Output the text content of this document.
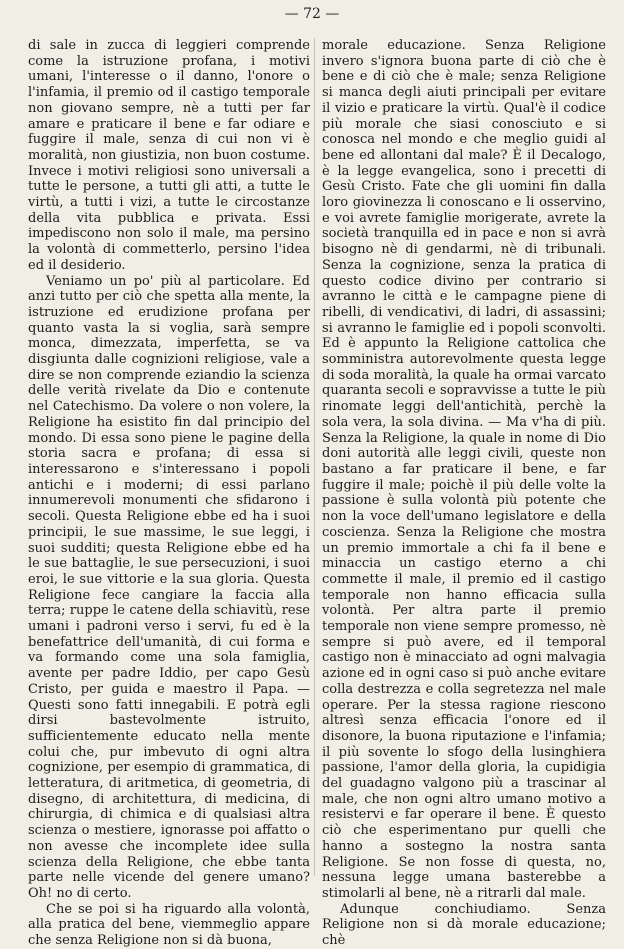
— 72 —

di sale in zucca di leggieri comprende come la istruzione profana, i motivi umani, l'interesse o il danno, l'onore o l'infamia, il premio od il castigo temporale non giovano sempre, nè a tutti per far amare e praticare il bene e far odiare e fuggire il male, senza di cui non vi è moralità, non giustizia, non buon costume. Invece i motivi religiosi sono universali a tutte le persone, a tutti gli atti, a tutte le virtù, a tutti i vizi, a tutte le circostanze della vita pubblica e privata. Essi impediscono non solo il male, ma persino la volontà di commetterlo, persino l'idea ed il desiderio.

Veniamo un po' più al particolare. Ed anzi tutto per ciò che spetta alla mente, la istruzione ed erudizione profana per quanto vasta la si voglia, sarà sempre monca, dimezzata, imperfetta, se va disgiunta dalle cognizioni religiose, vale a dire se non comprende eziandio la scienza delle verità rivelate da Dio e contenute nel Catechismo. Da volere o non volere, la Religione ha esistito fin dal principio del mondo. Di essa sono piene le pagine della storia sacra e profana; di essa si interessarono e s'interessano i popoli antichi e i moderni; di essi parlano innumerevoli monumenti che sfidarono i secoli. Questa Religione ebbe ed ha i suoi principii, le sue massime, le sue leggi, i suoi sudditi; questa Religione ebbe ed ha le sue battaglie, le sue persecuzioni, i suoi eroi, le sue vittorie e la sua gloria. Questa Religione fece cangiare la faccia alla terra; ruppe le catene della schiavitù, rese umani i padroni verso i servi, fu ed è la benefattrice dell'umanità, di cui forma e va formando come una sola famiglia, avente per padre Iddio, per capo Gesù Cristo, per guida e maestro il Papa. — Questi sono fatti innegabili. E potrà egli dirsi bastevolmente istruito, sufficientemente educato nella mente colui che, pur imbevuto di ogni altra cognizione, per esempio di grammatica, di letteratura, di aritmetica, di geometria, di disegno, di architettura, di medicina, di chirurgia, di chimica e di qualsiasi altra scienza o mestiere, ignorasse poi affatto o non avesse che incomplete idee sulla scienza della Religione, che ebbe tanta parte nelle vicende del genere umano? Oh! no di certo.

Che se poi si ha riguardo alla volontà, alla pratica del bene, viemmeglio appare che senza Religione non si dà buona,

morale educazione. Senza Religione invero s'ignora buona parte di ciò che è bene e di ciò che è male; senza Religione si manca degli aiuti principali per evitare il vizio e praticare la virtù. Qual'è il codice più morale che siasi conosciuto e si conosca nel mondo e che meglio guidi al bene ed allontani dal male? È il Decalogo, è la legge evangelica, sono i precetti di Gesù Cristo. Fate che gli uomini fin dalla loro giovinezza li conoscano e li osservino, e voi avrete famiglie morigerate, avrete la società tranquilla ed in pace e non si avrà bisogno nè di gendarmi, nè di tribunali. Senza la cognizione, senza la pratica di questo codice divino per contrario si avranno le città e le campagne piene di ribelli, di vendicativi, di ladri, di assassini; si avranno le famiglie ed i popoli sconvolti. Ed è appunto la Religione cattolica che somministra autorevolmente questa legge di soda moralità, la quale ha ormai varcato quaranta secoli e sopravvisse a tutte le più rinomate leggi dell'antichità, perchè la sola vera, la sola divina. — Ma v'ha di più. Senza la Religione, la quale in nome di Dio doni autorità alle leggi civili, queste non bastano a far praticare il bene, e far fuggire il male; poichè il più delle volte la passione è sulla volontà più potente che non la voce dell'umano legislatore e della coscienza. Senza la Religione che mostra un premio immortale a chi fa il bene e minaccia un castigo eterno a chi commette il male, il premio ed il castigo temporale non hanno efficacia sulla volontà. Per altra parte il premio temporale non viene sempre promesso, nè sempre si può avere, ed il temporal castigo non è minacciato ad ogni malvagia azione ed in ogni caso si può anche evitare colla destrezza e colla segretezza nel male operare. Per la stessa ragione riescono altresì senza efficacia l'onore ed il disonore, la buona riputazione e l'infamia; il più sovente lo sfogo della lusinghiera passione, l'amor della gloria, la cupidigia del guadagno valgono più a trascinar al male, che non ogni altro umano motivo a resistervi e far operare il bene. È questo ciò che esperimentano pur quelli che hanno a sostegno la nostra santa Religione. Se non fosse di questa, no, nessuna legge umana basterebbe a stimolarli al bene, nè a ritrarli dal male.

Adunque conchiudiamo. Senza Religione non si dà morale educazione; chè
